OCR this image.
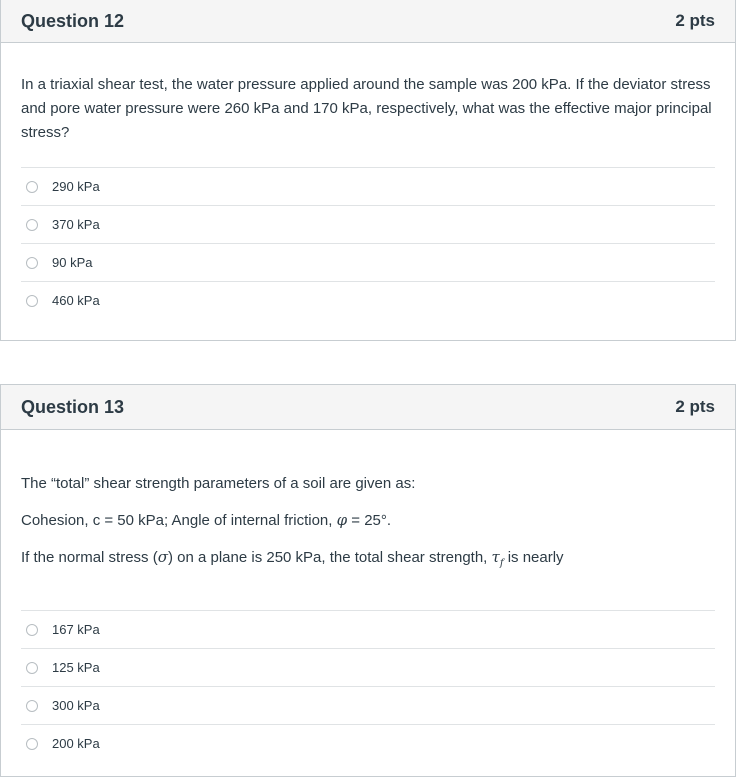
Question 12	2 pts

In a triaxial shear test, the water pressure applied around the sample was 200 kPa. If the deviator stress and pore water pressure were 260 kPa and 170 kPa, respectively, what was the effective major principal stress?

290 kPa
370 kPa
90 kPa
460 kPa
Question 13	2 pts

The “total” shear strength parameters of a soil are given as:

Cohesion, c = 50 kPa; Angle of internal friction, φ = 25°.

If the normal stress (σ) on a plane is 250 kPa, the total shear strength, $\tau_f$ is nearly

167 kPa
125 kPa
300 kPa
200 kPa
